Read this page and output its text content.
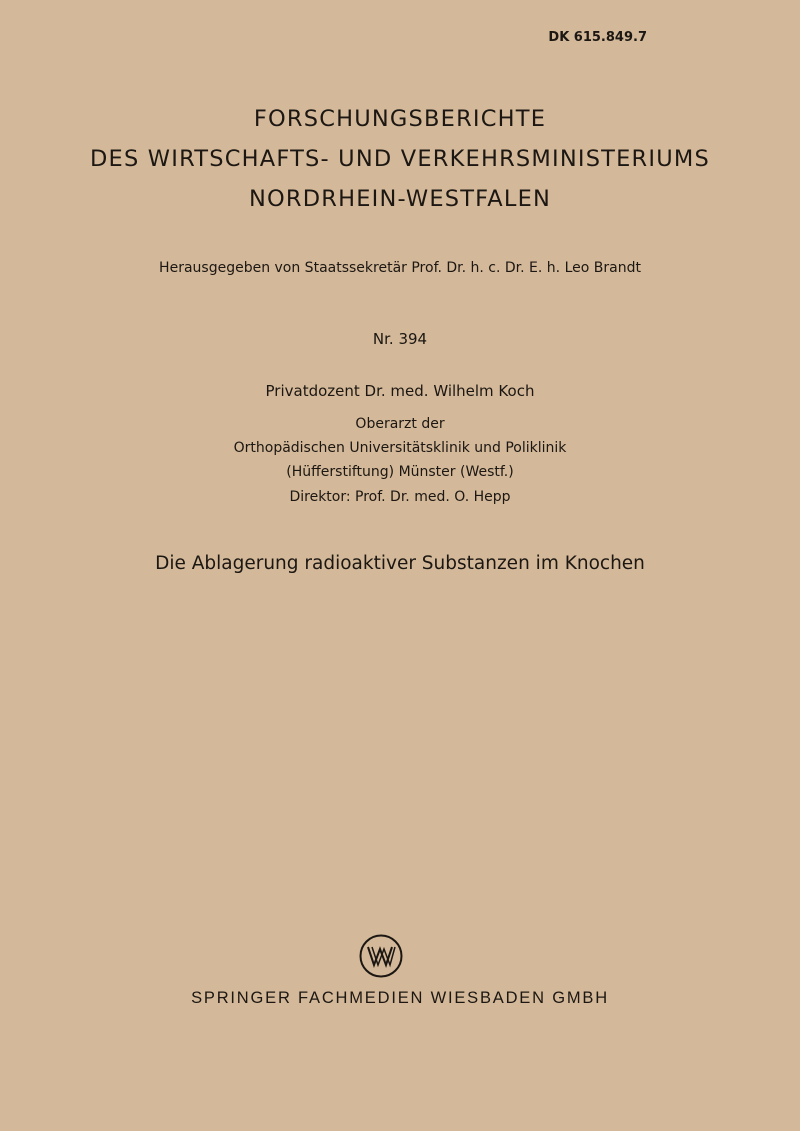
DK 615.849.7
FORSCHUNGSBERICHTE
DES WIRTSCHAFTS- UND VERKEHRSMINISTERIUMS
NORDRHEIN-WESTFALEN
Herausgegeben von Staatssekretär Prof. Dr. h. c. Dr. E. h. Leo Brandt
Nr. 394
Privatdozent Dr. med. Wilhelm Koch
Oberarzt der
Orthopädischen Universitätsklinik und Poliklinik
(Hüfferstiftung) Münster (Westf.)
Direktor: Prof. Dr. med. O. Hepp
Die Ablagerung radioaktiver Substanzen im Knochen
SPRINGER FACHMEDIEN WIESBADEN GMBH
